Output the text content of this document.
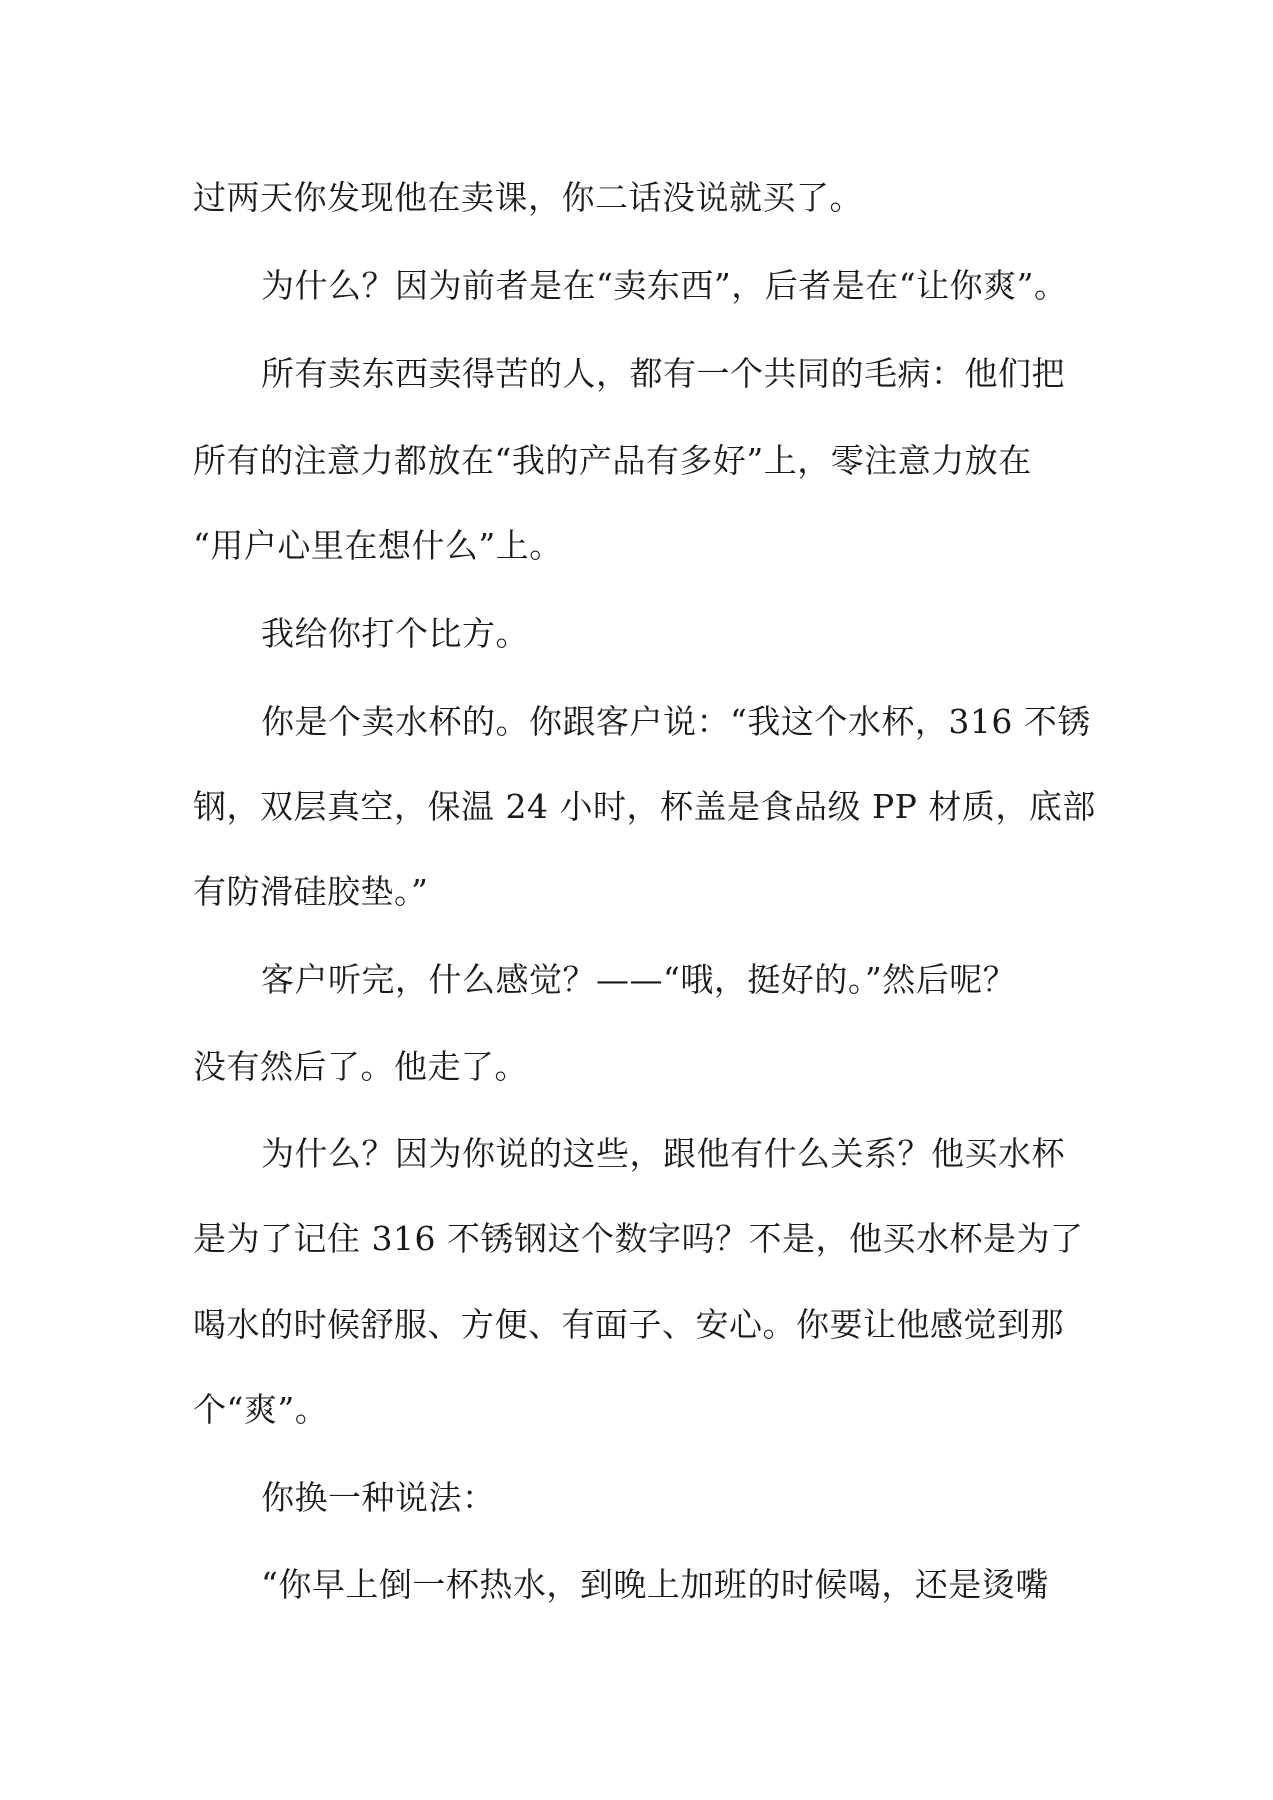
过两天你发现他在卖课，你二话没说就买了。
为什么？因为前者是在“卖东西”，后者是在“让你爽”。
所有卖东西卖得苦的人，都有一个共同的毛病：他们把
所有的注意力都放在“我的产品有多好”上，零注意力放在
“用户心里在想什么”上。
我给你打个比方。
你是个卖水杯的。你跟客户说：“我这个水杯，316 不锈
钢，双层真空，保温 24 小时，杯盖是食品级 PP 材质，底部
有防滑硅胶垫。”
客户听完，什么感觉？——“哦，挺好的。”然后呢？
没有然后了。他走了。
为什么？因为你说的这些，跟他有什么关系？他买水杯
是为了记住 316 不锈钢这个数字吗？不是，他买水杯是为了
喝水的时候舒服、方便、有面子、安心。你要让他感觉到那
个“爽”。
你换一种说法：
“你早上倒一杯热水，到晚上加班的时候喝，还是烫嘴
